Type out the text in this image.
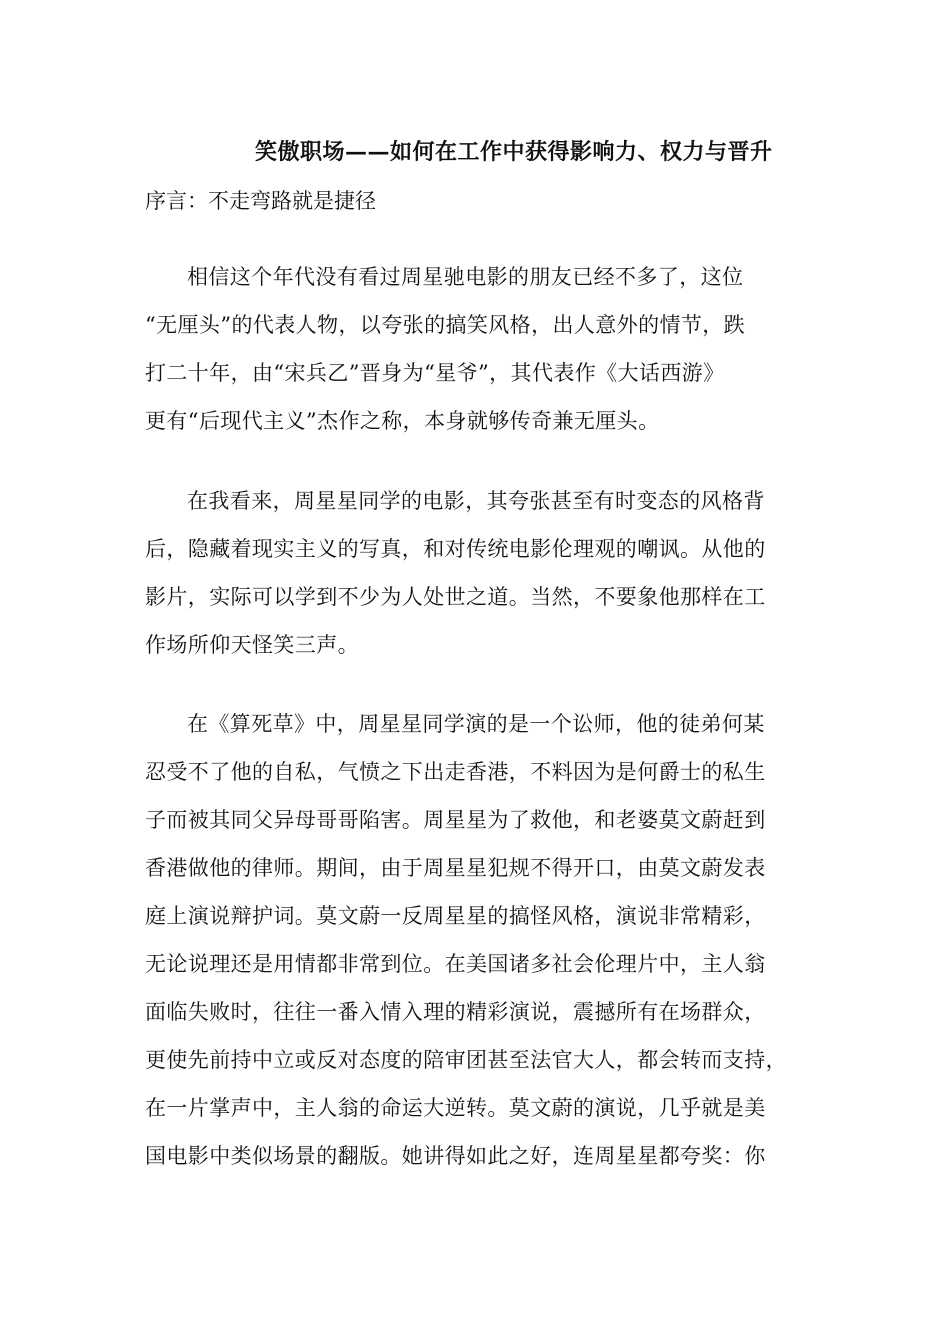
笑傲职场——如何在工作中获得影响力、权力与晋升
序言：不走弯路就是捷径
相信这个年代没有看过周星驰电影的朋友已经不多了，这位
“无厘头”的代表人物，以夸张的搞笑风格，出人意外的情节，跌
打二十年，由“宋兵乙”晋身为“星爷”，其代表作《大话西游》
更有“后现代主义”杰作之称，本身就够传奇兼无厘头。
在我看来，周星星同学的电影，其夸张甚至有时变态的风格背
后，隐藏着现实主义的写真，和对传统电影伦理观的嘲讽。从他的
影片，实际可以学到不少为人处世之道。当然，不要象他那样在工
作场所仰天怪笑三声。
在《算死草》中，周星星同学演的是一个讼师，他的徒弟何某
忍受不了他的自私，气愤之下出走香港，不料因为是何爵士的私生
子而被其同父异母哥哥陷害。周星星为了救他，和老婆莫文蔚赶到
香港做他的律师。期间，由于周星星犯规不得开口，由莫文蔚发表
庭上演说辩护词。莫文蔚一反周星星的搞怪风格，演说非常精彩，
无论说理还是用情都非常到位。在美国诸多社会伦理片中，主人翁
面临失败时，往往一番入情入理的精彩演说，震撼所有在场群众，
更使先前持中立或反对态度的陪审团甚至法官大人，都会转而支持，
在一片掌声中，主人翁的命运大逆转。莫文蔚的演说，几乎就是美
国电影中类似场景的翻版。她讲得如此之好，连周星星都夸奖：你
